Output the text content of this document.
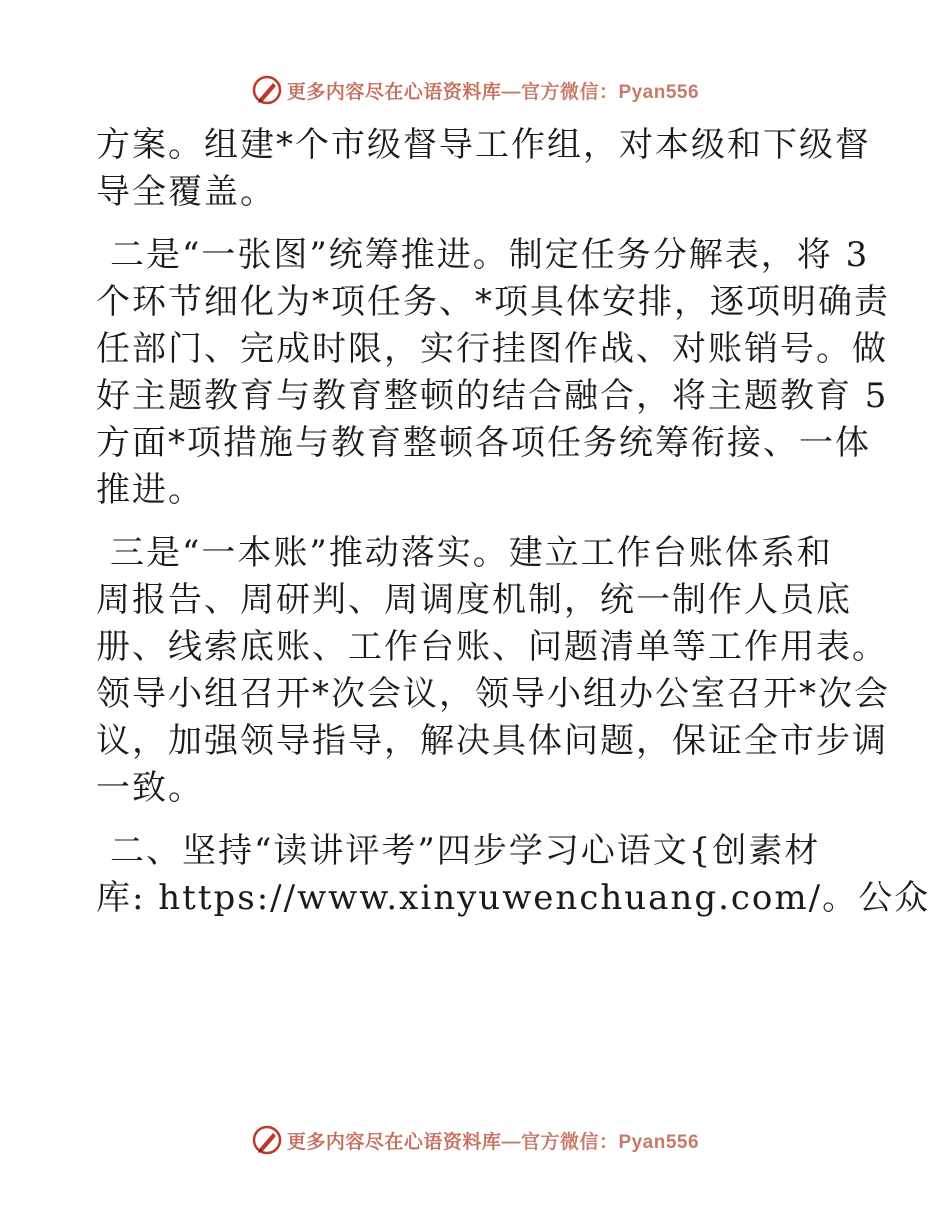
更多内容尽在心语资料库—官方微信：Pyan556
方案。组建*个市级督导工作组，对本级和下级督
导全覆盖。
二是“一张图”统筹推进。制定任务分解表，将 3
个环节细化为*项任务、*项具体安排，逐项明确责
任部门、完成时限，实行挂图作战、对账销号。做
好主题教育与教育整顿的结合融合，将主题教育 5
方面*项措施与教育整顿各项任务统筹衔接、一体
推进。
三是“一本账”推动落实。建立工作台账体系和
周报告、周研判、周调度机制，统一制作人员底
册、线索底账、工作台账、问题清单等工作用表。
领导小组召开*次会议，领导小组办公室召开*次会
议，加强领导指导，解决具体问题，保证全市步调
一致。
二、坚持“读讲评考”四步学习心语文{创素材
库: https://www.xinyuwenchuang.com/。公众
更多内容尽在心语资料库—官方微信：Pyan556
